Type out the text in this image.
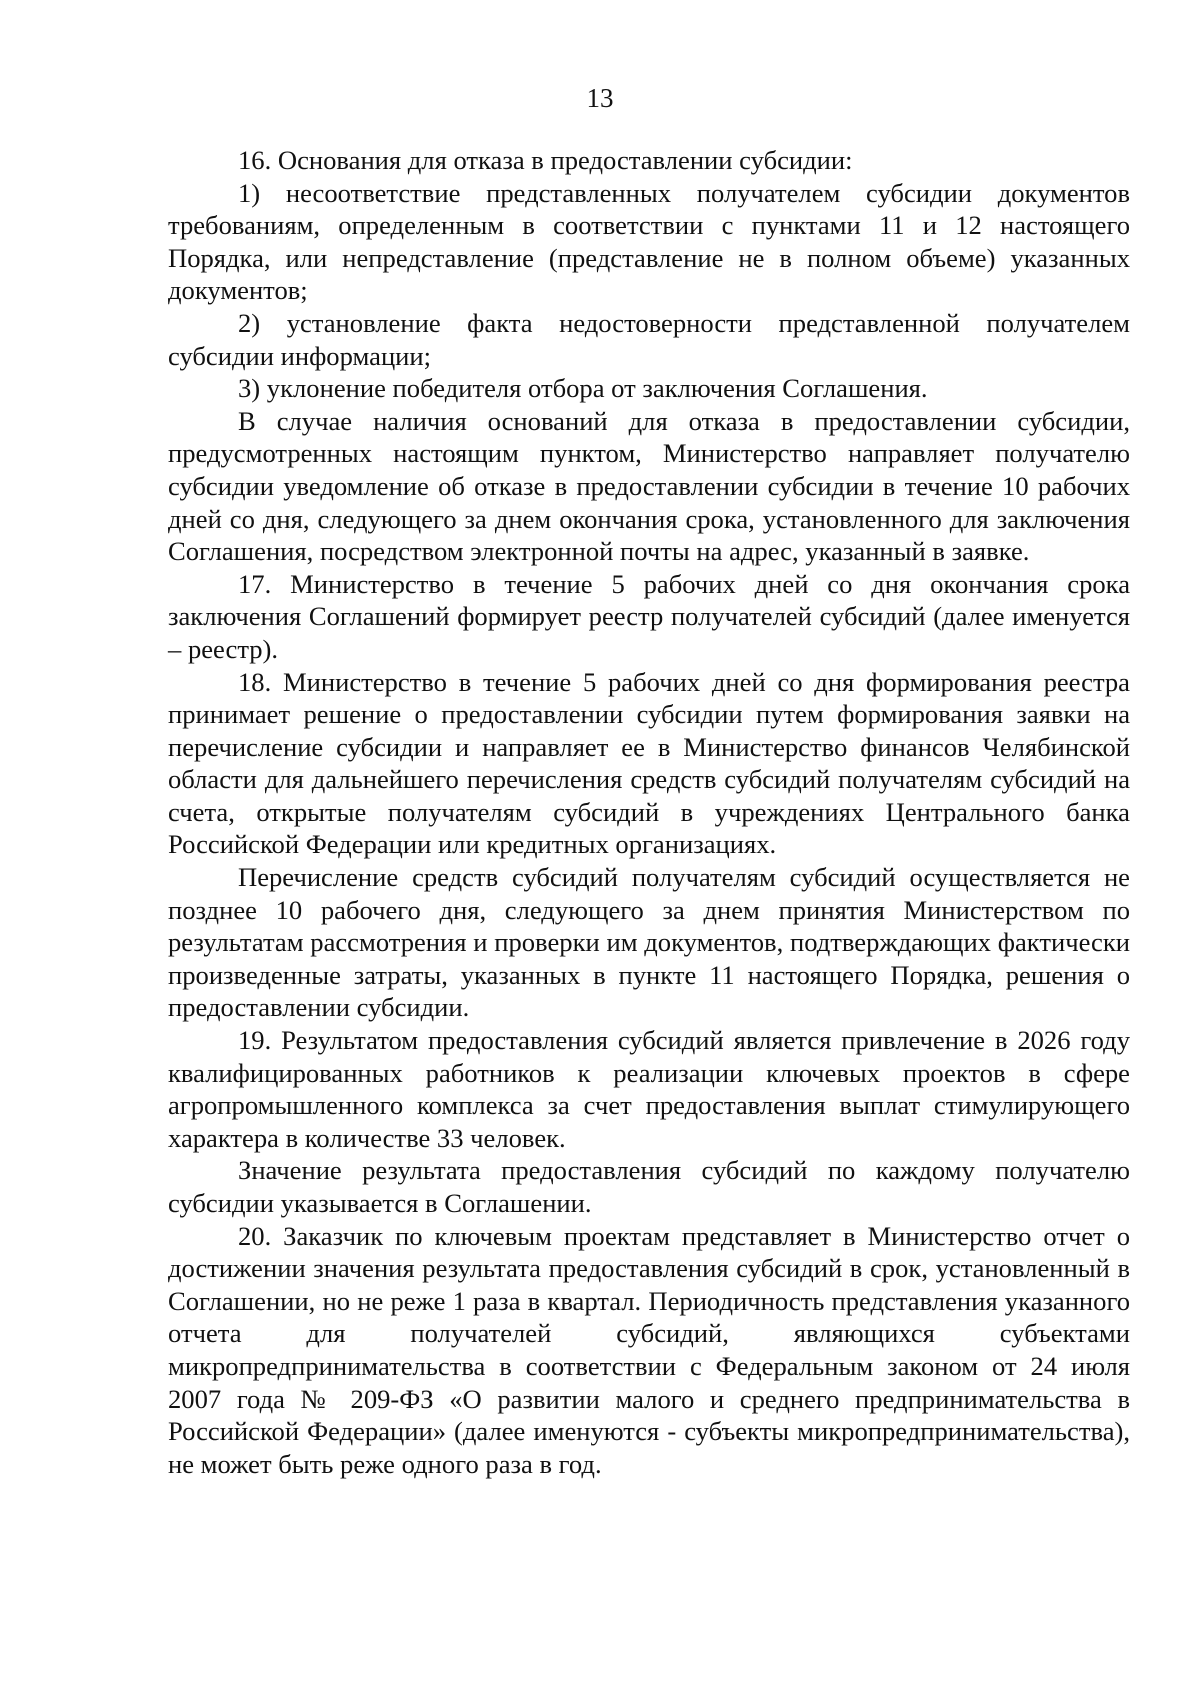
13

16. Основания для отказа в предоставлении субсидии:

1) несоответствие представленных получателем субсидии документов требованиям, определенным в соответствии с пунктами 11 и 12 настоящего Порядка, или непредставление (представление не в полном объеме) указанных документов;

2) установление факта недостоверности представленной получателем субсидии информации;

3) уклонение победителя отбора от заключения Соглашения.

В случае наличия оснований для отказа в предоставлении субсидии, предусмотренных настоящим пунктом, Министерство направляет получателю субсидии уведомление об отказе в предоставлении субсидии в течение 10 рабочих дней со дня, следующего за днем окончания срока, установленного для заключения Соглашения, посредством электронной почты на адрес, указанный в заявке.

17. Министерство в течение 5 рабочих дней со дня окончания срока заключения Соглашений формирует реестр получателей субсидий (далее именуется – реестр).

18. Министерство в течение 5 рабочих дней со дня формирования реестра принимает решение о предоставлении субсидии путем формирования заявки на перечисление субсидии и направляет ее в Министерство финансов Челябинской области для дальнейшего перечисления средств субсидий получателям субсидий на счета, открытые получателям субсидий в учреждениях Центрального банка Российской Федерации или кредитных организациях.

Перечисление средств субсидий получателям субсидий осуществляется не позднее 10 рабочего дня, следующего за днем принятия Министерством по результатам рассмотрения и проверки им документов, подтверждающих фактически произведенные затраты, указанных в пункте 11 настоящего Порядка, решения о предоставлении субсидии.

19. Результатом предоставления субсидий является привлечение в 2026 году квалифицированных работников к реализации ключевых проектов в сфере агропромышленного комплекса за счет предоставления выплат стимулирующего характера в количестве 33 человек.

Значение результата предоставления субсидий по каждому получателю субсидии указывается в Соглашении.

20. Заказчик по ключевым проектам представляет в Министерство отчет о достижении значения результата предоставления субсидий в срок, установленный в Соглашении, но не реже 1 раза в квартал. Периодичность представления указанного отчета для получателей субсидий, являющихся субъектами микропредпринимательства в соответствии с Федеральным законом от 24 июля 2007 года № 209-ФЗ «О развитии малого и среднего предпринимательства в Российской Федерации» (далее именуются - субъекты микропредпринимательства), не может быть реже одного раза в год.
